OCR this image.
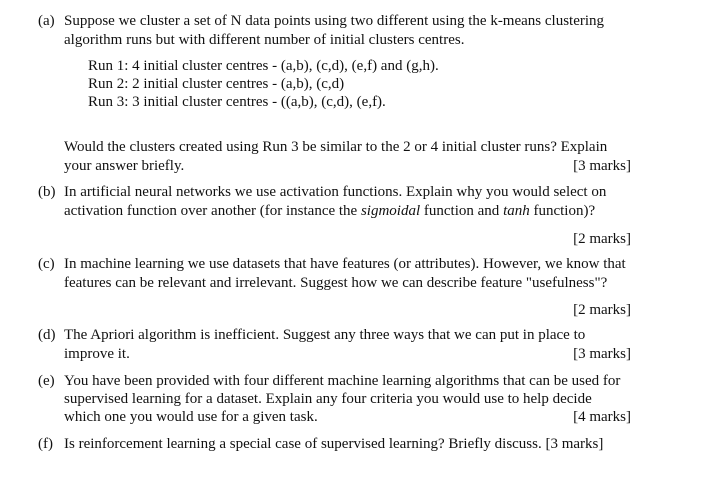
(a) Suppose we cluster a set of N data points using two different using the k-means clustering
algorithm runs but with different number of initial clusters centres.
Run 1: 4 initial cluster centres - (a,b), (c,d), (e,f) and (g,h).
Run 2: 2 initial cluster centres - (a,b), (c,d)
Run 3: 3 initial cluster centres - ((a,b), (c,d), (e,f).
Would the clusters created using Run 3 be similar to the 2 or 4 initial cluster runs? Explain
your answer briefly.	[3 marks]
(b) In artificial neural networks we use activation functions. Explain why you would select on
activation function over another (for instance the sigmoidal function and tanh function)?
[2 marks]
(c) In machine learning we use datasets that have features (or attributes). However, we know that
features can be relevant and irrelevant. Suggest how we can describe feature "usefulness"?
[2 marks]
(d) The Apriori algorithm is inefficient. Suggest any three ways that we can put in place to
improve it.	[3 marks]
(e) You have been provided with four different machine learning algorithms that can be used for
supervised learning for a dataset. Explain any four criteria you would use to help decide
which one you would use for a given task.	[4 marks]
(f) Is reinforcement learning a special case of supervised learning? Briefly discuss. [3 marks]
